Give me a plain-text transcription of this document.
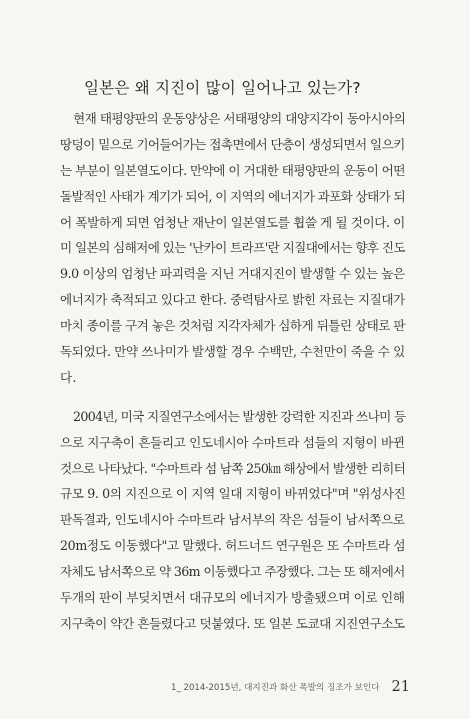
일본은 왜 지진이 많이 일어나고 있는가?
현재 태평양판의 운동양상은 서태평양의 대양지각이 동아시아의
땅덩이 밑으로 기어들어가는 접촉면에서 단층이 생성되면서 일으키
는 부분이 일본열도이다. 만약에 이 거대한 태평양판의 운동이 어떤
돌발적인 사태가 계기가 되어, 이 지역의 에너지가 과포화 상태가 되
어 폭발하게 되면 엄청난 재난이 일본열도를 휩쓸 게 될 것이다. 이
미 일본의 심해저에 있는 '난카이 트라프'란 지질대에서는 향후 진도
9.0 이상의 엄청난 파괴력을 지닌 거대지진이 발생할 수 있는 높은
에너지가 축적되고 있다고 한다. 중력탐사로 밝힌 자료는 지질대가
마치 종이를 구겨 놓은 것처럼 지각자체가 심하게 뒤틀린 상태로 판
독되었다. 만약 쓰나미가 발생할 경우 수백만, 수천만이 죽을 수 있
다.
2004년, 미국 지질연구소에서는 발생한 강력한 지진과 쓰나미 등
으로 지구축이 흔들리고 인도네시아 수마트라 섬들의 지형이 바뀐
것으로 나타났다. "수마트라 섬 남쪽 250㎞ 해상에서 발생한 리히터
규모 9. 0의 지진으로 이 지역 일대 지형이 바뀌었다"며 "위성사진
판독결과, 인도네시아 수마트라 남서부의 작은 섬들이 남서쪽으로
20m정도 이동했다"고 말했다. 허드너드 연구원은 또 수마트라 섬
자체도 남서쪽으로 약 36m 이동했다고 주장했다. 그는 또 해저에서
두개의 판이 부딪치면서 대규모의 에너지가 방출됐으며 이로 인해
지구축이 약간 흔들렸다고 덧붙였다. 또 일본 도쿄대 지진연구소도
1_ 2014-2015년, 대지진과 화산 폭발의 징조가 보인다 21
